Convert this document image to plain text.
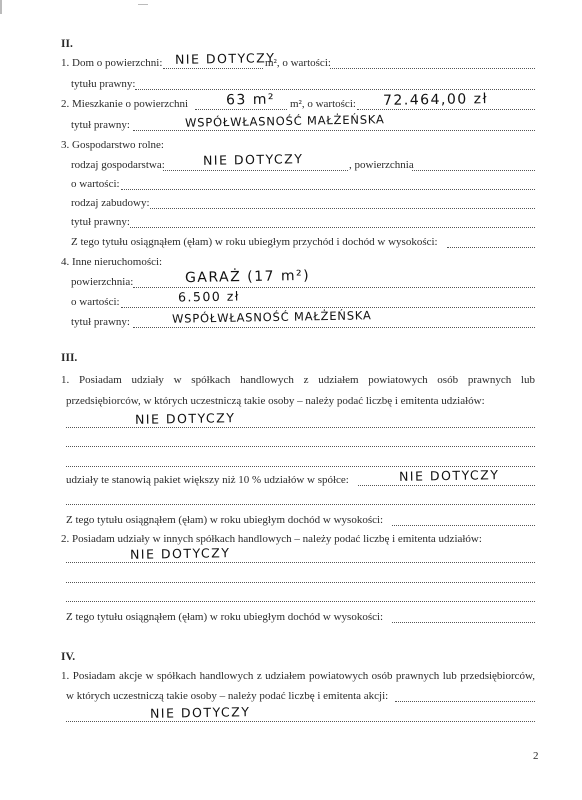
II.
1. Dom o powierzchni: NIE DOTYCZY
m², o wartości:
tytułu prawny:
2. Mieszkanie o powierzchni	63 m² m², o wartości: 72.464,00 zł
tytuł prawny:	WSPÓŁWŁASNOŚĆ MAŁŻEŃSKA
3. Gospodarstwo rolne:
rodzaj gospodarstwa:	NIE DOTYCZY	, powierzchnia
o wartości:
rodzaj zabudowy:
tytuł prawny:
Z tego tytułu osiągnąłem (ęłam) w roku ubiegłym przychód i dochód w wysokości:
4. Inne nieruchomości:
powierzchnia:	GARAŻ (17 m²)
o wartości:	6.500 zł
tytuł prawny:	WSPÓŁWŁASNOŚĆ MAŁŻEŃSKA
III.
1. Posiadam udziały w spółkach handlowych z udziałem powiatowych osób prawnych lub
przedsiębiorców, w których uczestniczą takie osoby – należy podać liczbę i emitenta udziałów:
NIE DOTYCZY
udziały te stanowią pakiet większy niż 10 % udziałów w spółce:	NIE DOTYCZY
Z tego tytułu osiągnąłem (ęłam) w roku ubiegłym dochód w wysokości:
2. Posiadam udziały w innych spółkach handlowych – należy podać liczbę i emitenta udziałów:
NIE DOTYCZY
Z tego tytułu osiągnąłem (ęłam) w roku ubiegłym dochód w wysokości:
IV.
1. Posiadam akcje w spółkach handlowych z udziałem powiatowych osób prawnych lub przedsiębiorców,
w których uczestniczą takie osoby – należy podać liczbę i emitenta akcji:
NIE DOTYCZY
2
